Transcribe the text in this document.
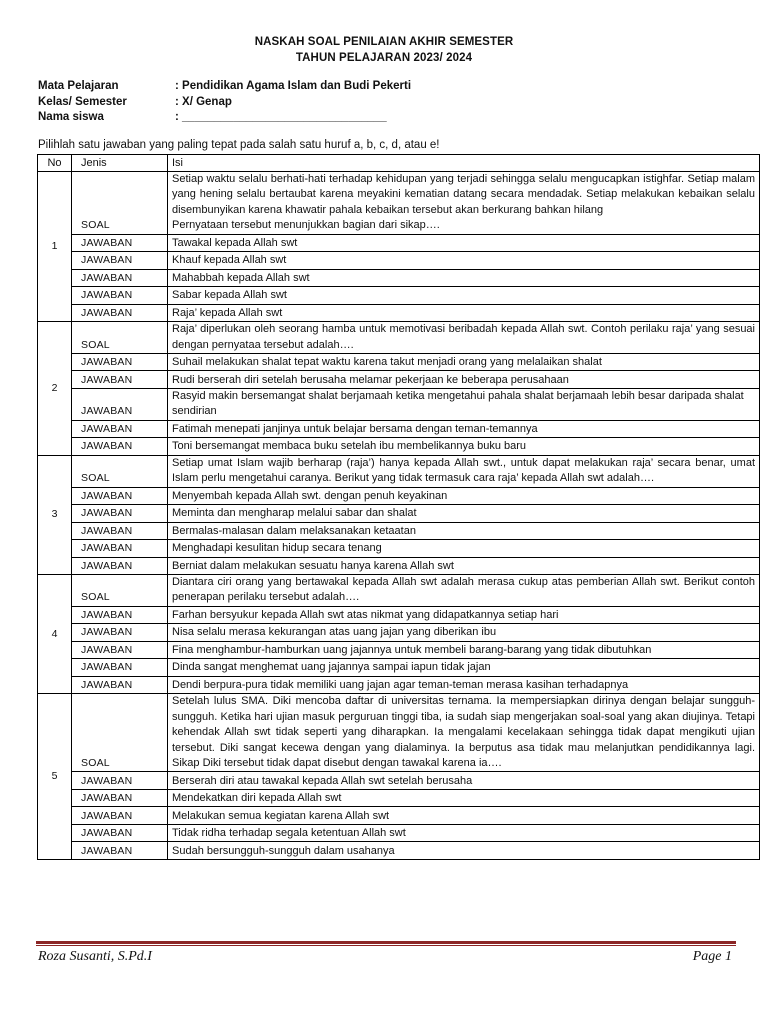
NASKAH SOAL PENILAIAN AKHIR SEMESTER
TAHUN PELAJARAN 2023/ 2024
Mata Pelajaran	: Pendidikan Agama Islam dan Budi Pekerti
Kelas/ Semester	: X/ Genap
Nama siswa	: ________________________________
Pilihlah satu jawaban yang paling tepat pada salah satu huruf a, b, c, d, atau e!
No	Jenis	Isi
1	SOAL	Setiap waktu selalu berhati-hati terhadap kehidupan yang terjadi sehingga selalu mengucapkan istighfar. Setiap malam yang hening selalu bertaubat karena meyakini kematian datang secara mendadak. Setiap melakukan kebaikan selalu disembunyikan karena khawatir pahala kebaikan tersebut akan berkurang bahkan hilang
Pernyataan tersebut menunjukkan bagian dari sikap….
	JAWABAN	Tawakal kepada Allah swt
	JAWABAN	Khauf kepada Allah swt
	JAWABAN	Mahabbah kepada Allah swt
	JAWABAN	Sabar kepada Allah swt
	JAWABAN	Raja’ kepada Allah swt
2	SOAL	Raja’ diperlukan oleh seorang hamba untuk memotivasi beribadah kepada Allah swt. Contoh perilaku raja’ yang sesuai dengan pernyataa tersebut adalah….
	JAWABAN	Suhail melakukan shalat tepat waktu karena takut menjadi orang yang melalaikan shalat
	JAWABAN	Rudi berserah diri setelah berusaha melamar pekerjaan ke beberapa perusahaan
	JAWABAN	Rasyid makin bersemangat shalat berjamaah ketika mengetahui pahala shalat berjamaah lebih besar daripada shalat sendirian
	JAWABAN	Fatimah menepati janjinya untuk belajar bersama dengan teman-temannya
	JAWABAN	Toni bersemangat membaca buku setelah ibu membelikannya buku baru
3	SOAL	Setiap umat Islam wajib berharap (raja’) hanya kepada Allah swt., untuk dapat melakukan raja’ secara benar, umat Islam perlu mengetahui caranya. Berikut yang tidak termasuk cara raja’ kepada Allah swt adalah….
	JAWABAN	Menyembah kepada Allah swt. dengan penuh keyakinan
	JAWABAN	Meminta dan mengharap melalui sabar dan shalat
	JAWABAN	Bermalas-malasan dalam melaksanakan ketaatan
	JAWABAN	Menghadapi kesulitan hidup secara tenang
	JAWABAN	Berniat dalam melakukan sesuatu hanya karena Allah swt
4	SOAL	Diantara ciri orang yang bertawakal kepada Allah swt adalah merasa cukup atas pemberian Allah swt. Berikut contoh penerapan perilaku tersebut adalah….
	JAWABAN	Farhan bersyukur kepada Allah swt atas nikmat yang didapatkannya setiap hari
	JAWABAN	Nisa selalu merasa kekurangan atas uang jajan yang diberikan ibu
	JAWABAN	Fina menghambur-hamburkan uang jajannya untuk membeli barang-barang yang tidak dibutuhkan
	JAWABAN	Dinda sangat menghemat uang jajannya sampai iapun tidak jajan
	JAWABAN	Dendi berpura-pura tidak memiliki uang jajan agar teman-teman merasa kasihan terhadapnya
5	SOAL	Setelah lulus SMA. Diki mencoba daftar di universitas ternama. Ia mempersiapkan dirinya dengan belajar sungguh-sungguh. Ketika hari ujian masuk perguruan tinggi tiba, ia sudah siap mengerjakan soal-soal yang akan diujinya. Tetapi kehendak Allah swt tidak seperti yang diharapkan. Ia mengalami kecelakaan sehingga tidak dapat mengikuti ujian tersebut. Diki sangat kecewa dengan yang dialaminya. Ia berputus asa tidak mau melanjutkan pendidikannya lagi. Sikap Diki tersebut tidak dapat disebut dengan tawakal karena ia….
	JAWABAN	Berserah diri atau tawakal kepada Allah swt setelah berusaha
	JAWABAN	Mendekatkan diri kepada Allah swt
	JAWABAN	Melakukan semua kegiatan karena Allah swt
	JAWABAN	Tidak ridha terhadap segala ketentuan Allah swt
	JAWABAN	Sudah bersungguh-sungguh dalam usahanya
Roza Susanti, S.Pd.I	Page 1
